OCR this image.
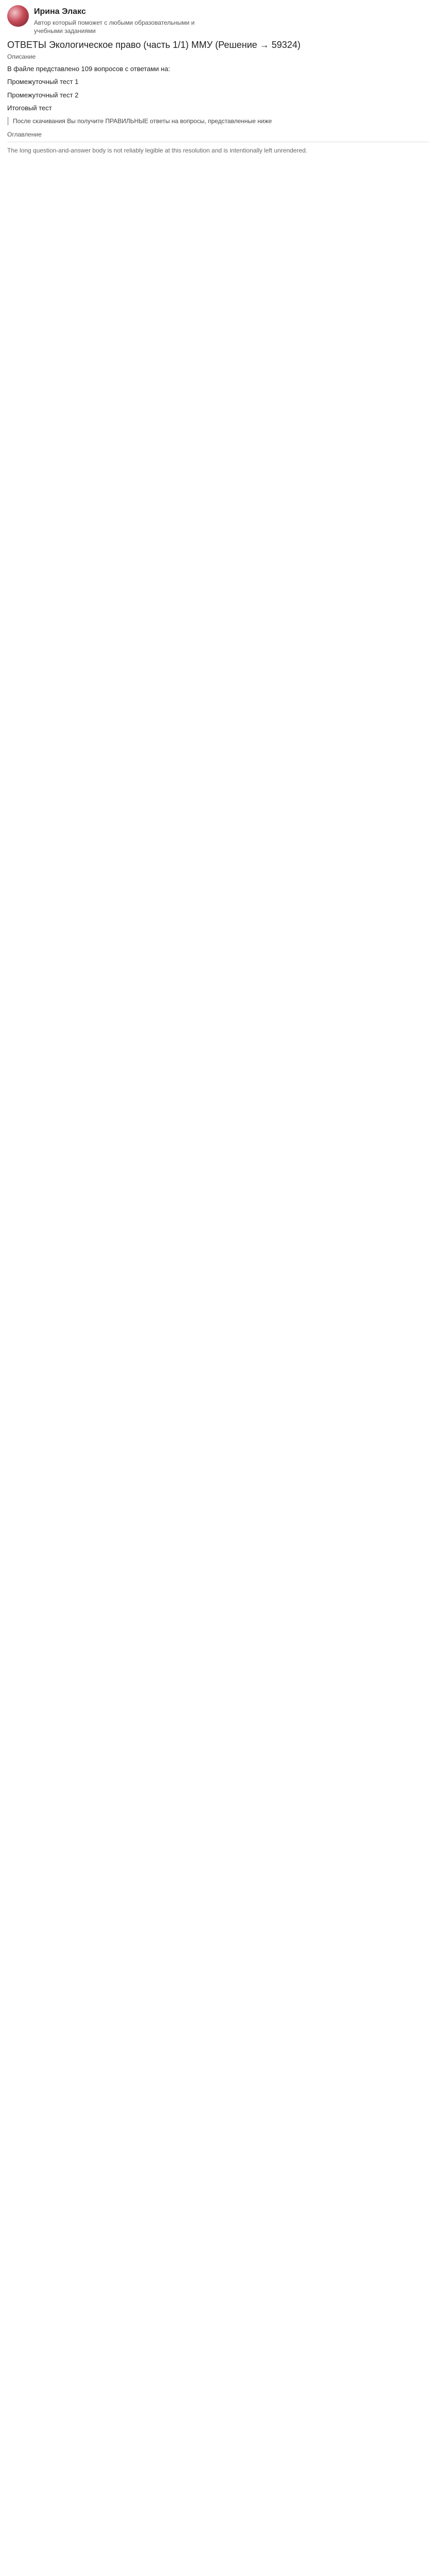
Ирина Элакс
Автор который поможет с любыми образовательными и учебными заданиями
ОТВЕТЫ Экологическое право (часть 1/1) ММУ (Решение → 59324)
Описание
В файле представлено 109 вопросов с ответами на:
Промежуточный тест 1
Промежуточный тест 2
Итоговый тест
После скачивания Вы получите ПРАВИЛЬНЫЕ ответы на вопросы, представленные ниже
Оглавление
The long question-and-answer body is not reliably legible at this resolution and is intentionally left unrendered.
